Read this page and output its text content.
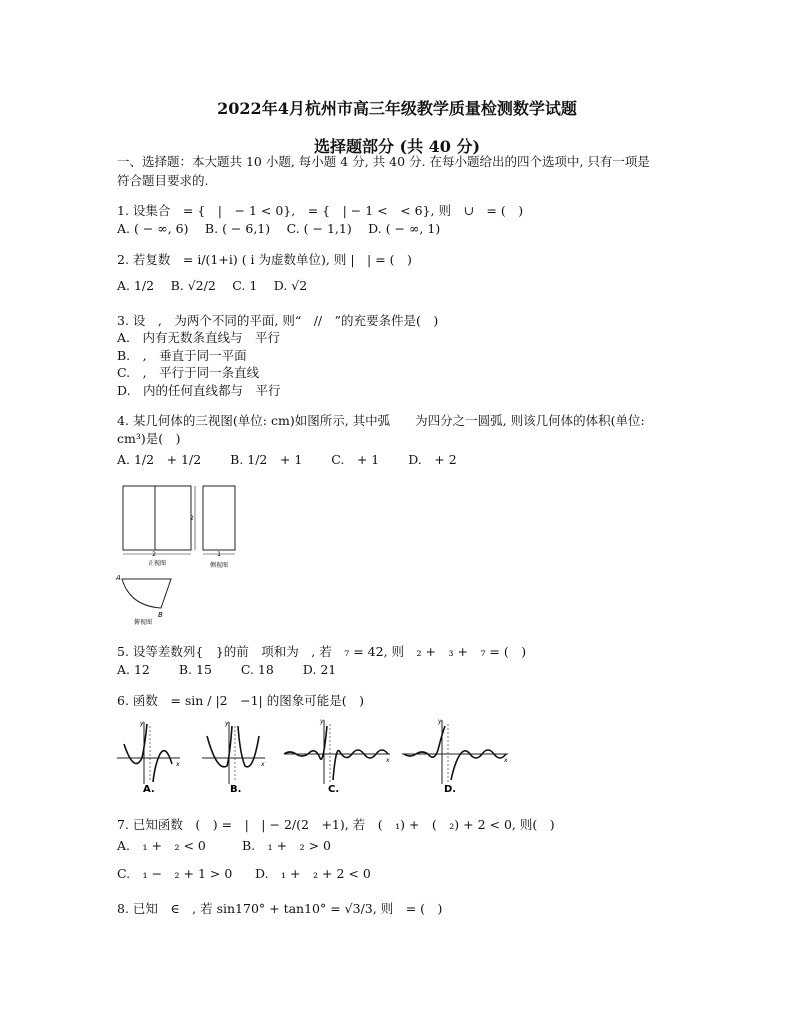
2022年4月杭州市高三年级教学质量检测数学试题
选择题部分 (共 40 分)
一、选择题：本大题共 10 小题, 每小题 4 分, 共 40 分. 在每小题给出的四个选项中, 只有一项是
符合题目要求的.
1. 设集合　= {　|　− 1 < 0},　= {　| − 1 <　< 6}, 则　∪　= (　)
A. ( − ∞, 6)　 B. ( − 6,1)　 C. ( − 1,1)　 D. ( − ∞, 1)
2. 若复数　= i/(1+i) ( i 为虚数单位), 则 |　| = (　)
A. 1/2　 B. √2/2　 C. 1　 D. √2
3. 设　,　为两个不同的平面, 则“　//　”的充要条件是(　)
A.　内有无数条直线与　平行
B.　,　垂直于同一平面
C.　,　平行于同一条直线
D.　内的任何直线都与　平行
4. 某几何体的三视图(单位: cm)如图所示, 其中弧　　为四分之一圆弧, 则该几何体的体积(单位:
cm³)是(　)
A. 1/2　+ 1/2　　 B. 1/2　+ 1　　 C.　+ 1　　 D.　+ 2
2
2
正视图
1
侧视图
A
B
俯视图
5. 设等差数列{　}的前　项和为　, 若　₇ = 42, 则　₂ +　₃ +　₇ = (　)
A. 12　　 B. 15　　 C. 18　　 D. 21
6. 函数　= sin / |2　−1| 的图象可能是(　)
y
x
A.
y
x
B.
y
x
C.
y
x
D.
7. 已知函数　(　) =　|　| − 2/(2　+1), 若　(　₁) +　(　₂) + 2 < 0, 则(　)
A.　₁ +　₂ < 0	B.　₁ +　₂ > 0
C.　₁ −　₂ + 1 > 0 D.　₁ +　₂ + 2 < 0
8. 已知　∈　, 若 sin170° + tan10° = √3/3, 则　= (　)
